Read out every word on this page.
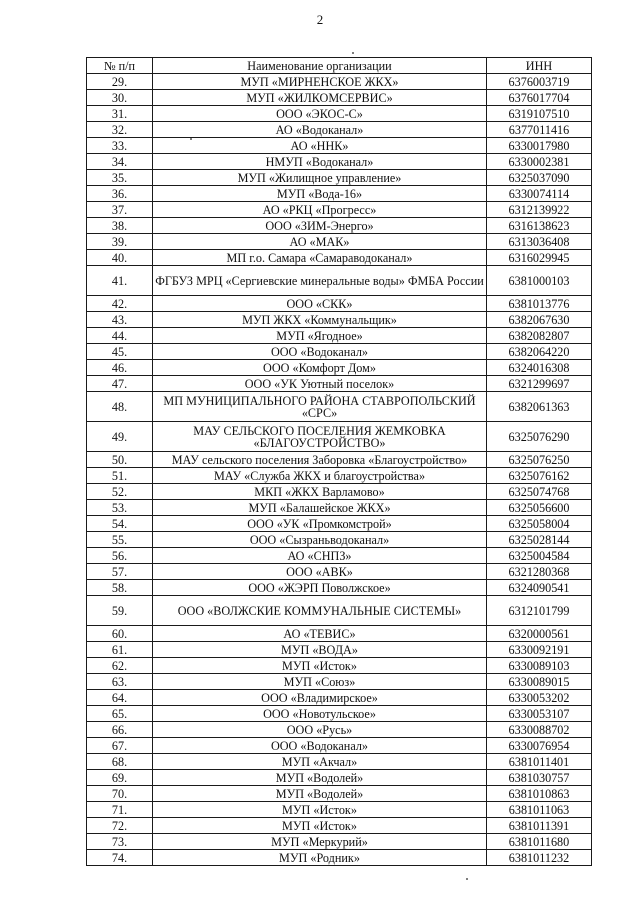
2
№ п/п	Наименование организации	ИНН
29.	МУП «МИРНЕНСКОЕ ЖКХ»	6376003719
30.	МУП «ЖИЛКОМСЕРВИС»	6376017704
31.	ООО «ЭКОС-С»	6319107510
32.	АО «Водоканал»	6377011416
33.	АО «ННК»	6330017980
34.	НМУП «Водоканал»	6330002381
35.	МУП «Жилищное управление»	6325037090
36.	МУП «Вода-16»	6330074114
37.	АО «РКЦ «Прогресс»	6312139922
38.	ООО «ЗИМ-Энерго»	6316138623
39.	АО «МАК»	6313036408
40.	МП г.о. Самара «Самараводоканал»	6316029945
41.	ФГБУЗ МРЦ «Сергиевские минеральные воды» ФМБА России	6381000103
42.	ООО «СКК»	6381013776
43.	МУП ЖКХ «Коммунальщик»	6382067630
44.	МУП «Ягодное»	6382082807
45.	ООО «Водоканал»	6382064220
46.	ООО «Комфорт Дом»	6324016308
47.	ООО «УК Уютный поселок»	6321299697
48.	МП МУНИЦИПАЛЬНОГО РАЙОНА СТАВРОПОЛЬСКИЙ «СРС»	6382061363
49.	МАУ СЕЛЬСКОГО ПОСЕЛЕНИЯ ЖЕМКОВКА «БЛАГОУСТРОЙСТВО»	6325076290
50.	МАУ сельского поселения Заборовка «Благоустройство»	6325076250
51.	МАУ «Служба ЖКХ и благоустройства»	6325076162
52.	МКП «ЖКХ Варламово»	6325074768
53.	МУП «Балашейское ЖКХ»	6325056600
54.	ООО «УК «Промкомстрой»	6325058004
55.	ООО «Сызраньводоканал»	6325028144
56.	АО «СНПЗ»	6325004584
57.	ООО «АВК»	6321280368
58.	ООО «ЖЭРП Поволжское»	6324090541
59.	ООО «ВОЛЖСКИЕ КОММУНАЛЬНЫЕ СИСТЕМЫ»	6312101799
60.	АО «ТЕВИС»	6320000561
61.	МУП «ВОДА»	6330092191
62.	МУП «Исток»	6330089103
63.	МУП «Союз»	6330089015
64.	ООО «Владимирское»	6330053202
65.	ООО «Новотульское»	6330053107
66.	ООО «Русь»	6330088702
67.	ООО «Водоканал»	6330076954
68.	МУП «Акчал»	6381011401
69.	МУП «Водолей»	6381030757
70.	МУП «Водолей»	6381010863
71.	МУП «Исток»	6381011063
72.	МУП «Исток»	6381011391
73.	МУП «Меркурий»	6381011680
74.	МУП «Родник»	6381011232
